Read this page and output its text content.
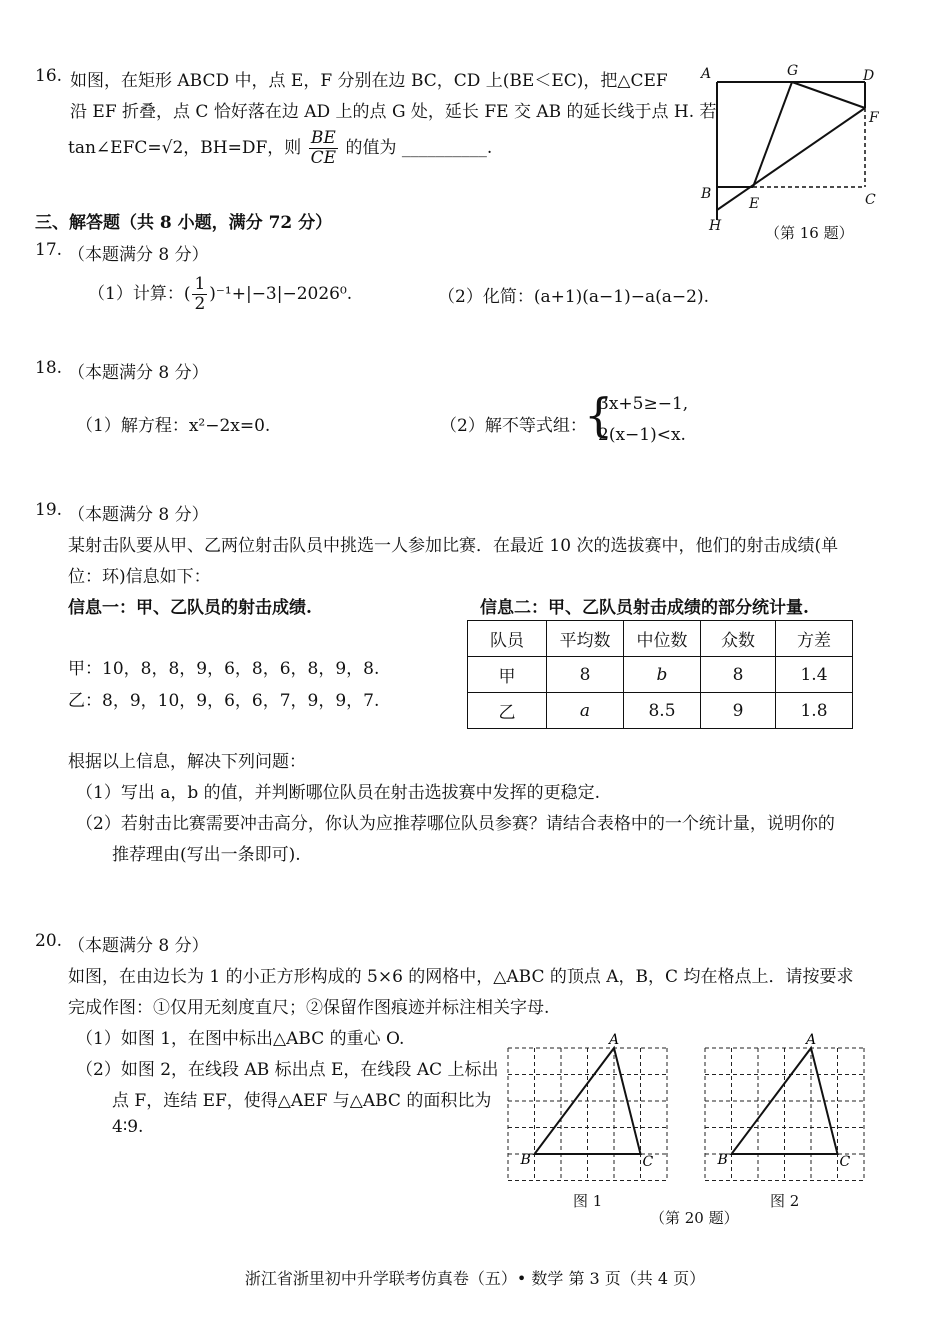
16. 如图，在矩形 ABCD 中，点 E，F 分别在边 BC，CD 上(BE＜EC)，把△CEF
沿 EF 折叠，点 C 恰好落在边 AD 上的点 G 处，延长 FE 交 AB 的延长线于点 H. 若
tan∠EFC=√2，BH=DF，则 $\frac{BE}{CE}$ 的值为 __________.
A	G	D
F
B
E	C
H	（第 16 题）
三、解答题（共 8 小题，满分 72 分）
17. （本题满分 8 分）
（1）计算：( $\frac{1}{2} )^{-1}+|-3|-2026^0$.	（2）化简：(a+1)(a−1)−a(a−2).
18. （本题满分 8 分）
（1）解方程：x²−2x=0.	（2）解不等式组：
{
3x+5≥−1,
2(x−1)<x.
19. （本题满分 8 分）
某射击队要从甲、乙两位射击队员中挑选一人参加比赛．在最近 10 次的选拔赛中，他们的射击成绩(单
位：环)信息如下：
信息一：甲、乙队员的射击成绩.	信息二：甲、乙队员射击成绩的部分统计量.
甲：10，8，8，9，6，8，6，8，9，8.
乙：8，9，10，9，6，6，7，9，9，7.
队员	平均数	中位数	众数	方差
甲	8	b	8	1.4
乙	a	8.5	9	1.8
根据以上信息，解决下列问题：
（1）写出 a，b 的值，并判断哪位队员在射击选拔赛中发挥的更稳定.
（2）若射击比赛需要冲击高分，你认为应推荐哪位队员参赛？请结合表格中的一个统计量，说明你的
推荐理由(写出一条即可).
20. （本题满分 8 分）
如图，在由边长为 1 的小正方形构成的 5×6 的网格中，△ABC 的顶点 A，B，C 均在格点上．请按要求
完成作图：①仅用无刻度直尺；②保留作图痕迹并标注相关字母.
（1）如图 1，在图中标出△ABC 的重心 O.
（2）如图 2，在线段 AB 标出点 E，在线段 AC 上标出
点 F，连结 EF，使得△AEF 与△ABC 的面积比为
4∶9.
A
B	C
A
B	C
图 1	图 2
（第 20 题）
浙江省浙里初中升学联考仿真卷（五）• 数学 第 3 页（共 4 页）
